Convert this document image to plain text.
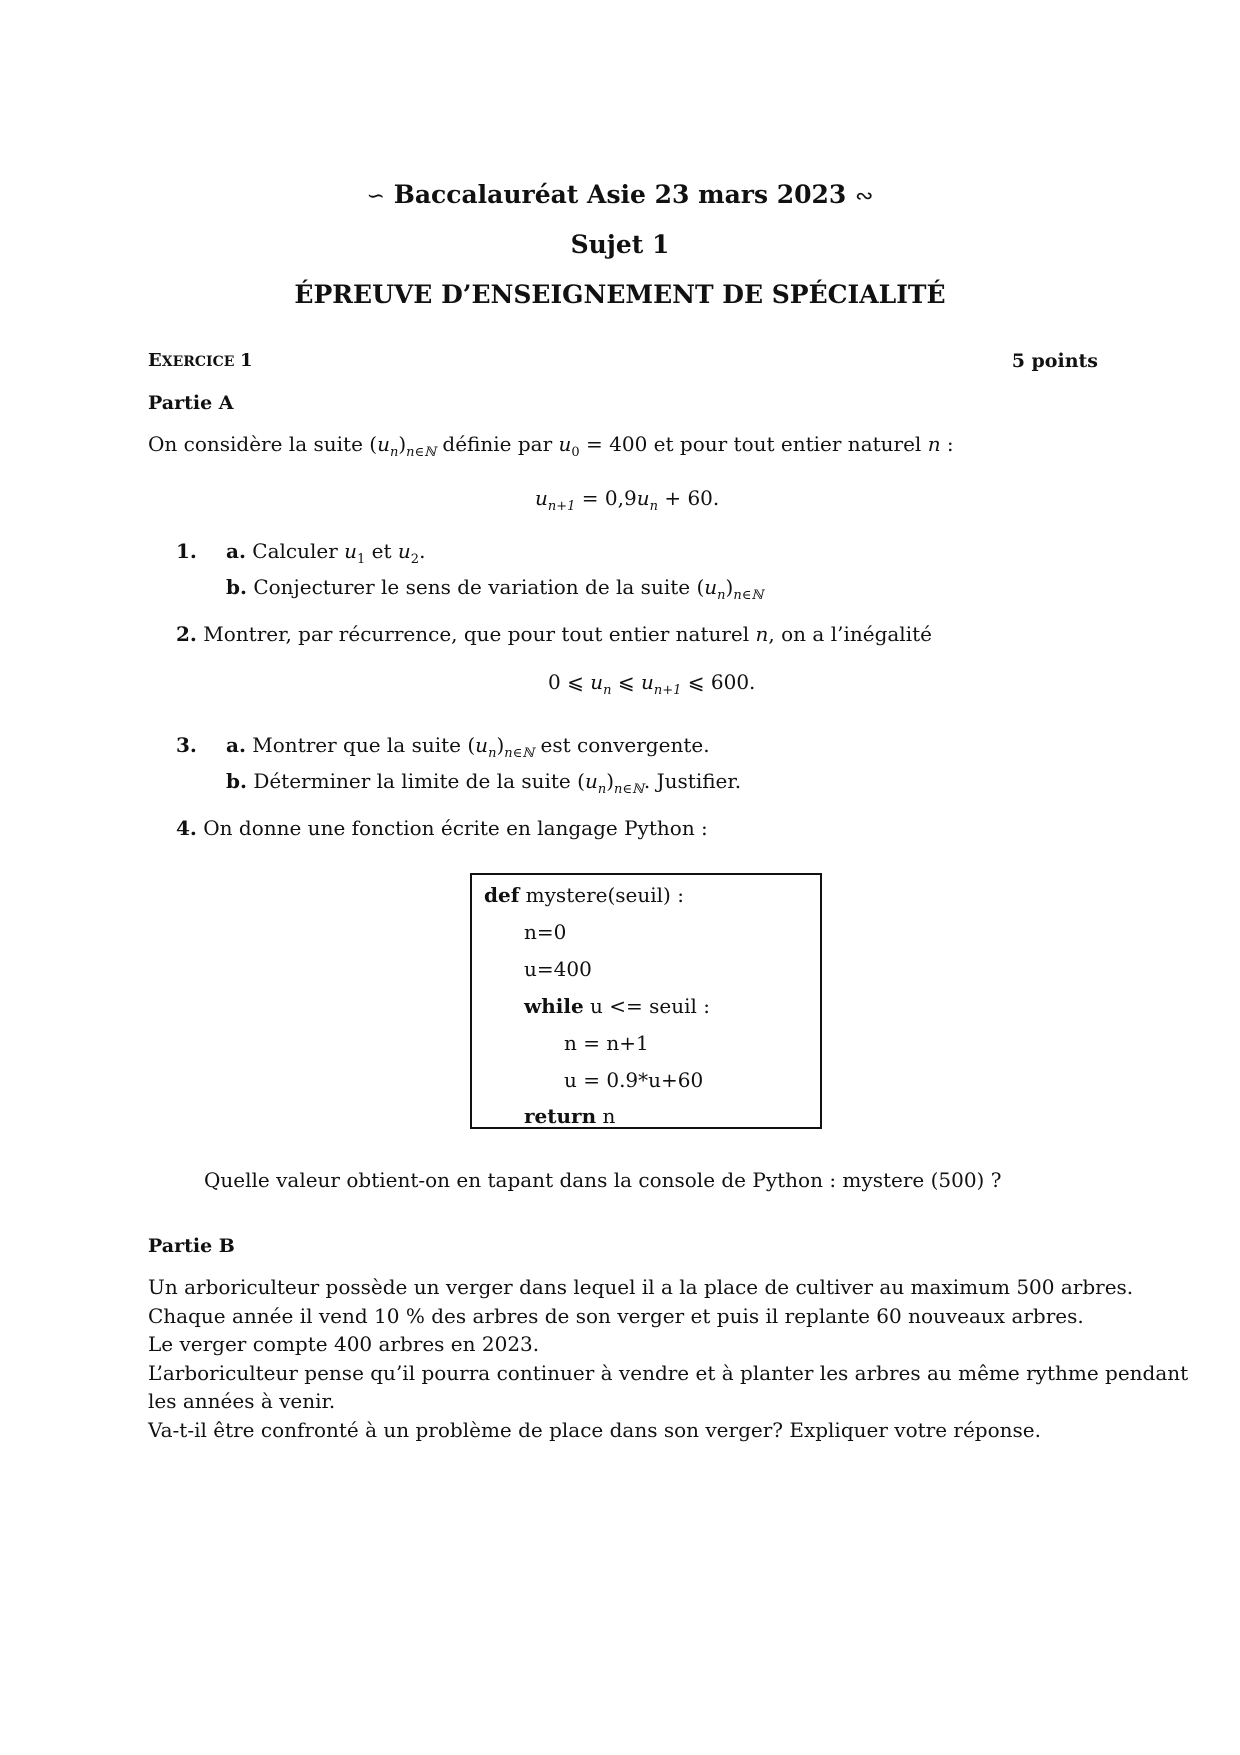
∽ Baccalauréat Asie 23 mars 2023 ∾
Sujet 1
ÉPREUVE D’ENSEIGNEMENT DE SPÉCIALITÉ
EXERCICE 1	5 points
Partie A
On considère la suite $(u_n)_{n\in ℕ}$ définie par $u_0 = 400$ et pour tout entier naturel n :
$u_{n+1} = 0,9u_n + 60$.
1. a. Calculer $u_1$ et $u_2$.
b. Conjecturer le sens de variation de la suite $(u_n)_{n\in ℕ}$
2. Montrer, par récurrence, que pour tout entier naturel n, on a l’inégalité
0 ⩽ $u_n$ ⩽ $u_{n+1}$ ⩽ 600.
3. a. Montrer que la suite $(u_n)_{n\in ℕ}$ est convergente.
b. Déterminer la limite de la suite $(u_n)_{n\in ℕ}$. Justifier.
4. On donne une fonction écrite en langage Python :
def mystere(seuil) :
n=0
u=400
while u <= seuil :
n = n+1
u = 0.9*u+60
return n
Quelle valeur obtient-on en tapant dans la console de Python : mystere (500) ?
Partie B

Un arboriculteur possède un verger dans lequel il a la place de cultiver au maximum 500 arbres.

Chaque année il vend 10 % des arbres de son verger et puis il replante 60 nouveaux arbres.

Le verger compte 400 arbres en 2023.

L’arboriculteur pense qu’il pourra continuer à vendre et à planter les arbres au même rythme pendant

les années à venir.

Va-t-il être confronté à un problème de place dans son verger? Expliquer votre réponse.
